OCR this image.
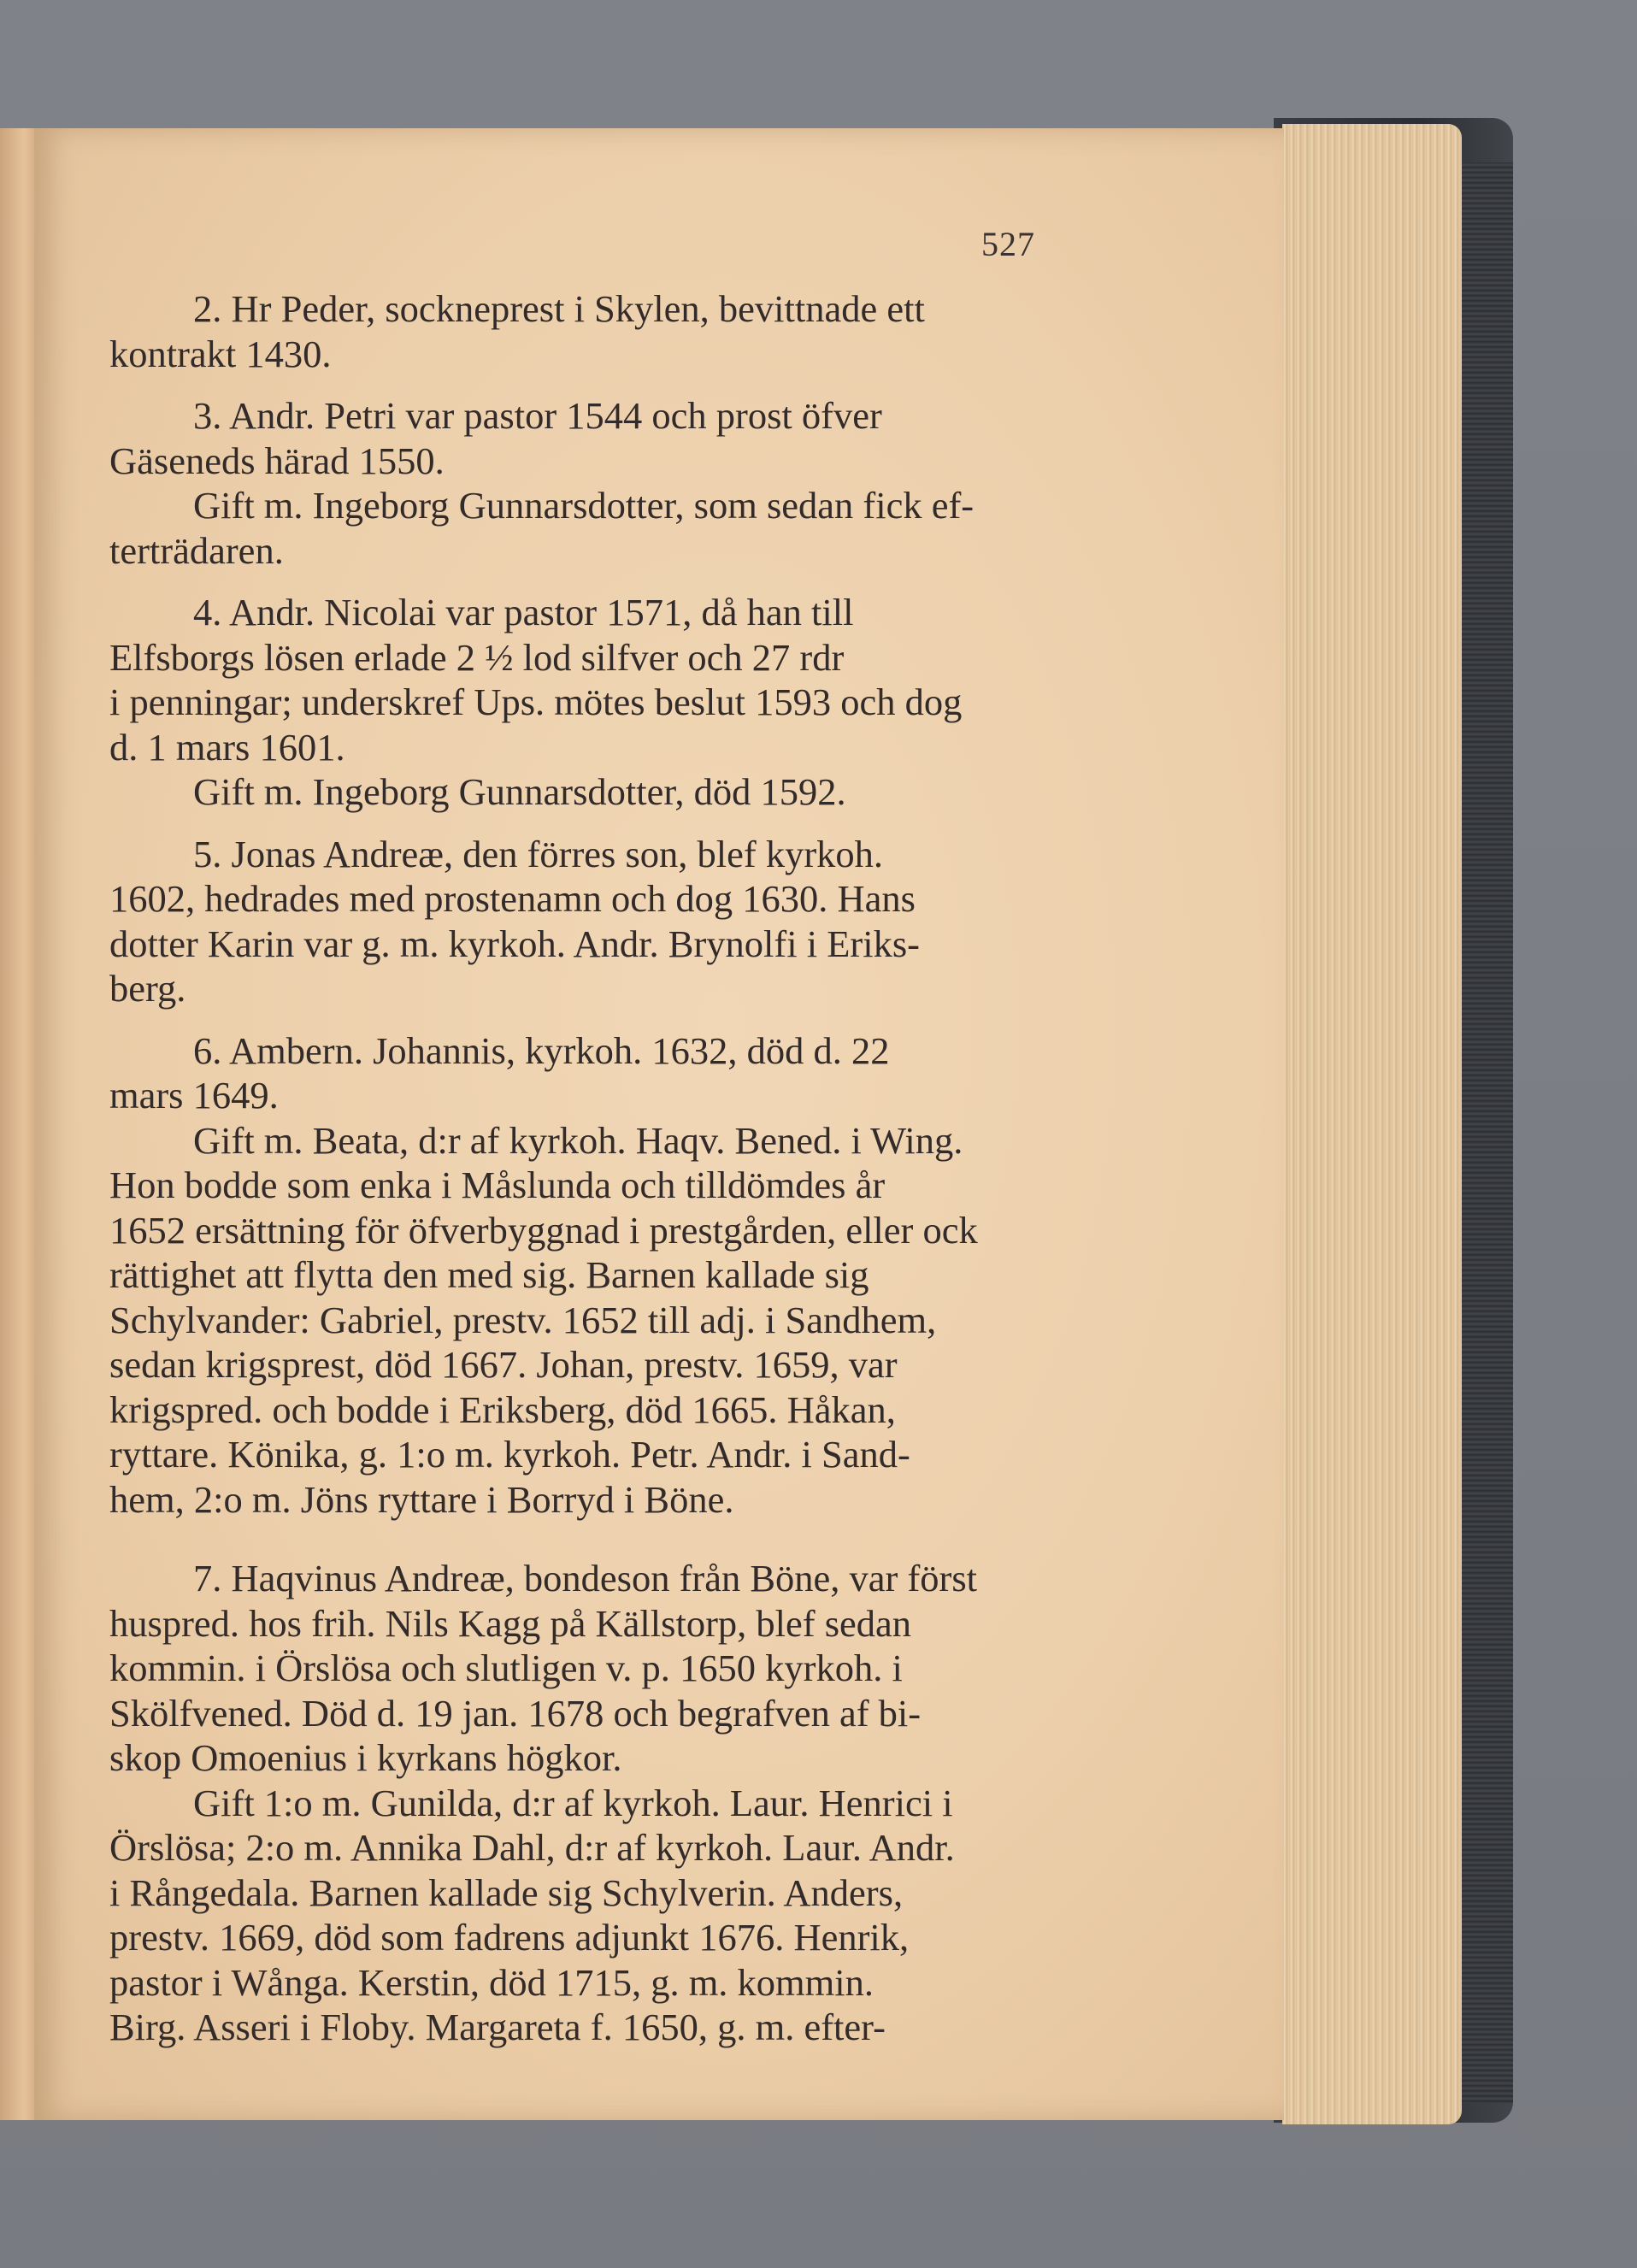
527
2. Hr Peder, sockneprest i Skylen, bevittnade ett
kontrakt 1430.
3. Andr. Petri var pastor 1544 och prost öfver
Gäseneds härad 1550.
Gift m. Ingeborg Gunnarsdotter, som sedan fick ef-
terträdaren.
4. Andr. Nicolai var pastor 1571, då han till
Elfsborgs lösen erlade 2 ½ lod silfver och 27 rdr
i penningar; underskref Ups. mötes beslut 1593 och dog
d. 1 mars 1601.
Gift m. Ingeborg Gunnarsdotter, död 1592.
5. Jonas Andreæ, den förres son, blef kyrkoh.
1602, hedrades med prostenamn och dog 1630. Hans
dotter Karin var g. m. kyrkoh. Andr. Brynolfi i Eriks-
berg.
6. Ambern. Johannis, kyrkoh. 1632, död d. 22
mars 1649.
Gift m. Beata, d:r af kyrkoh. Haqv. Bened. i Wing.
Hon bodde som enka i Måslunda och tilldömdes år
1652 ersättning för öfverbyggnad i prestgården, eller ock
rättighet att flytta den med sig. Barnen kallade sig
Schylvander: Gabriel, prestv. 1652 till adj. i Sandhem,
sedan krigsprest, död 1667. Johan, prestv. 1659, var
krigspred. och bodde i Eriksberg, död 1665. Håkan,
ryttare. Könika, g. 1:o m. kyrkoh. Petr. Andr. i Sand-
hem, 2:o m. Jöns ryttare i Borryd i Böne.
7. Haqvinus Andreæ, bondeson från Böne, var först
huspred. hos frih. Nils Kagg på Källstorp, blef sedan
kommin. i Örslösa och slutligen v. p. 1650 kyrkoh. i
Skölfvened. Död d. 19 jan. 1678 och begrafven af bi-
skop Omoenius i kyrkans högkor.
Gift 1:o m. Gunilda, d:r af kyrkoh. Laur. Henrici i
Örslösa; 2:o m. Annika Dahl, d:r af kyrkoh. Laur. Andr.
i Rångedala. Barnen kallade sig Schylverin. Anders,
prestv. 1669, död som fadrens adjunkt 1676. Henrik,
pastor i Wånga. Kerstin, död 1715, g. m. kommin.
Birg. Asseri i Floby. Margareta f. 1650, g. m. efter-
